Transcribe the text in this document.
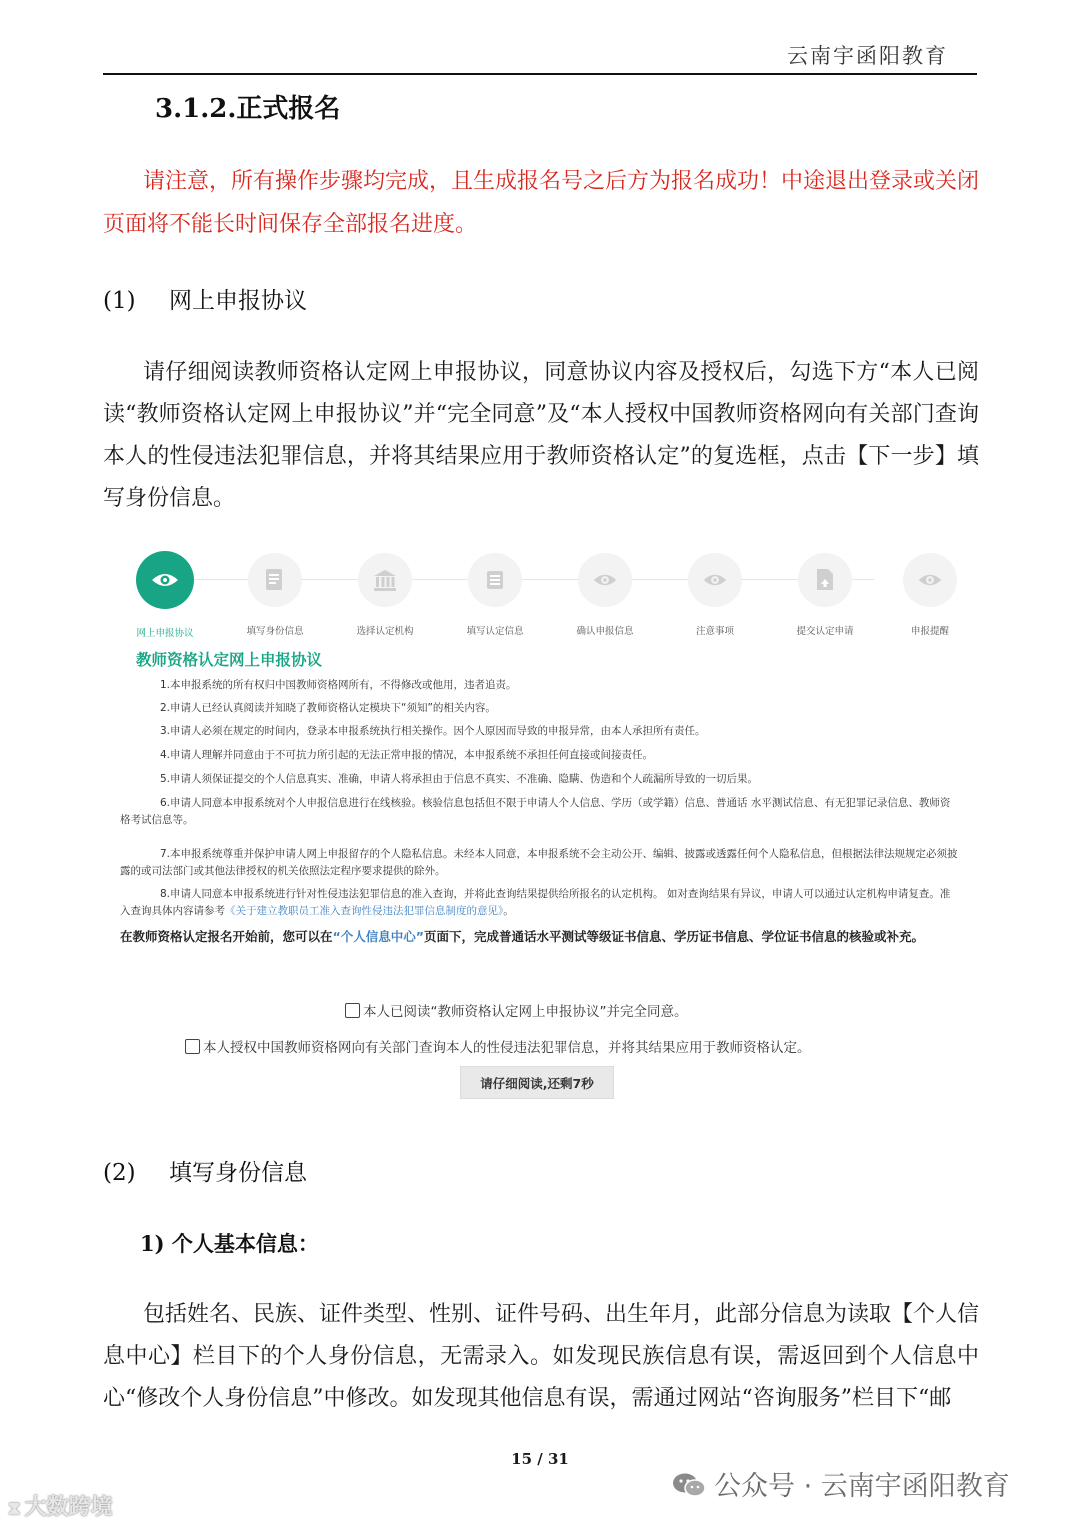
云南宇函阳教育
3.1.2.正式报名
请注意，所有操作步骤均完成，且生成报名号之后方为报名成功！中途退出登录或关闭页面将不能长时间保存全部报名进度。
(1) 网上申报协议
请仔细阅读教师资格认定网上申报协议，同意协议内容及授权后，勾选下方“本人已阅读“教师资格认定网上申报协议”并“完全同意”及“本人授权中国教师资格网向有关部门查询本人的性侵违法犯罪信息，并将其结果应用于教师资格认定”的复选框，点击【下一步】填写身份信息。
网上申报协议	填写身份信息	选择认定机构	填写认定信息	确认申报信息	注意事项	提交认定申请	申报提醒
教师资格认定网上申报协议
1.本申报系统的所有权归中国教师资格网所有，不得修改或他用，违者追责。
2.申请人已经认真阅读并知晓了教师资格认定模块下“须知”的相关内容。
3.申请人必须在规定的时间内，登录本申报系统执行相关操作。因个人原因而导致的申报异常，由本人承担所有责任。
4.申请人理解并同意由于不可抗力所引起的无法正常申报的情况，本申报系统不承担任何直接或间接责任。
5.申请人须保证提交的个人信息真实、准确，申请人将承担由于信息不真实、不准确、隐瞒、伪造和个人疏漏所导致的一切后果。
6.申请人同意本申报系统对个人申报信息进行在线核验。核验信息包括但不限于申请人个人信息、学历（或学籍）信息、普通话 水平测试信息、有无犯罪记录信息、教师资格考试信息等。
7.本申报系统尊重并保护申请人网上申报留存的个人隐私信息。未经本人同意，本申报系统不会主动公开、编辑、披露或透露任何个人隐私信息，但根据法律法规规定必须披露的或司法部门或其他法律授权的机关依照法定程序要求提供的除外。
8.申请人同意本申报系统进行针对性侵违法犯罪信息的准入查询，并将此查询结果提供给所报名的认定机构。 如对查询结果有异议，申请人可以通过认定机构申请复查。准入查询具体内容请参考《关于建立教职员工准入查询性侵违法犯罪信息制度的意见》。
在教师资格认定报名开始前，您可以在“个人信息中心”页面下，完成普通话水平测试等级证书信息、学历证书信息、学位证书信息的核验或补充。
本人已阅读“教师资格认定网上申报协议”并完全同意。
本人授权中国教师资格网向有关部门查询本人的性侵违法犯罪信息，并将其结果应用于教师资格认定。
请仔细阅读,还剩7秒
(2) 填写身份信息
1) 个人基本信息：
包括姓名、民族、证件类型、性别、证件号码、出生年月，此部分信息为读取【个人信息中心】栏目下的个人身份信息，无需录入。如发现民族信息有误，需返回到个人信息中心“修改个人身份信息”中修改。如发现其他信息有误，需通过网站“咨询服务”栏目下“邮
15 / 31
公众号 · 云南宇函阳教育
⧗ 大数跨境
